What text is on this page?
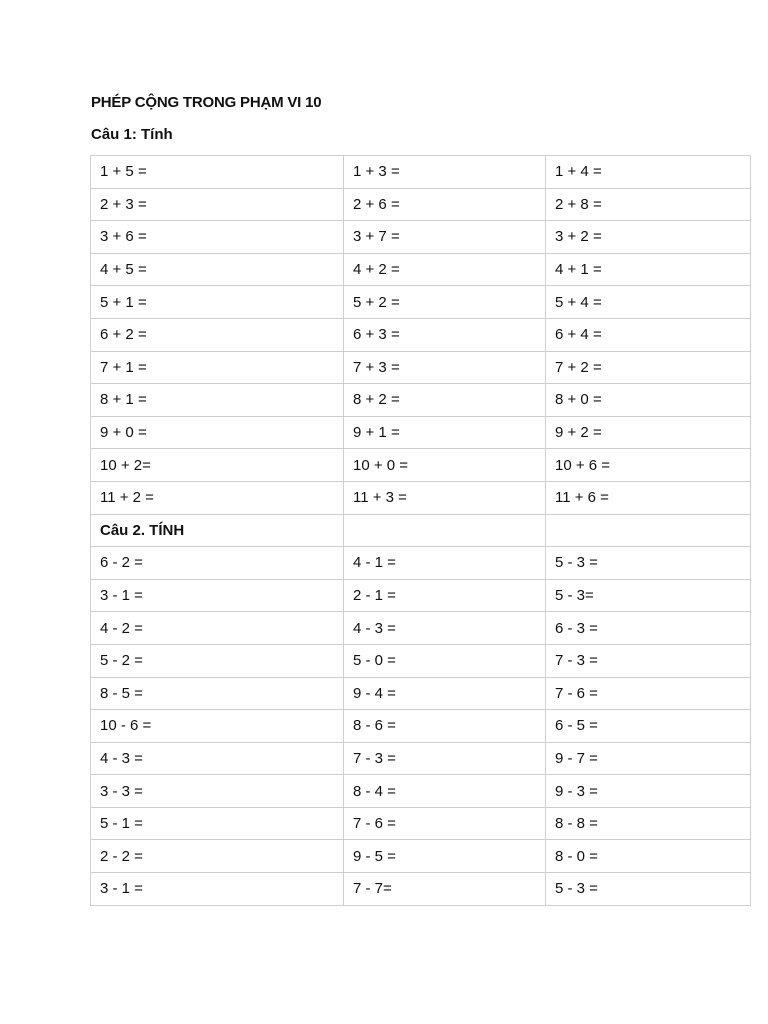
PHÉP CỘNG TRONG PHẠM VI 10
Câu 1: Tính
1 + 5 =	1 + 3 =	1 + 4 =
2 + 3 =	2 + 6 =	2 + 8 =
3 + 6 =	3 + 7 =	3 + 2 =
4 + 5 =	4 + 2 =	4 + 1 =
5 + 1 =	5 + 2 =	5 + 4 =
6 + 2 =	6 + 3 =	6 + 4 =
7 + 1 =	7 + 3 =	7 + 2 =
8 + 1 =	8 + 2 =	8 + 0 =
9 + 0 =	9 + 1 =	9 + 2 =
10 + 2=	10 + 0 =	10 + 6 =
11 + 2 =	11 + 3 =	11 + 6 =
Câu 2. TÍNH		
6 - 2 =	4 - 1 =	5 - 3 =
3 - 1 =	2 - 1 =	5 - 3=
4 - 2 =	4 - 3 =	6 - 3 =
5 - 2 =	5 - 0 =	7 - 3 =
8 - 5 =	9 - 4 =	7 - 6 =
10 - 6 =	8 - 6 =	6 - 5 =
4 - 3 =	7 - 3 =	9 - 7 =
3 - 3 =	8 - 4 =	9 - 3 =
5 - 1 =	7 - 6 =	8 - 8 =
2 - 2 =	9 - 5 =	8 - 0 =
3 - 1 =	7 - 7=	5 - 3 =
